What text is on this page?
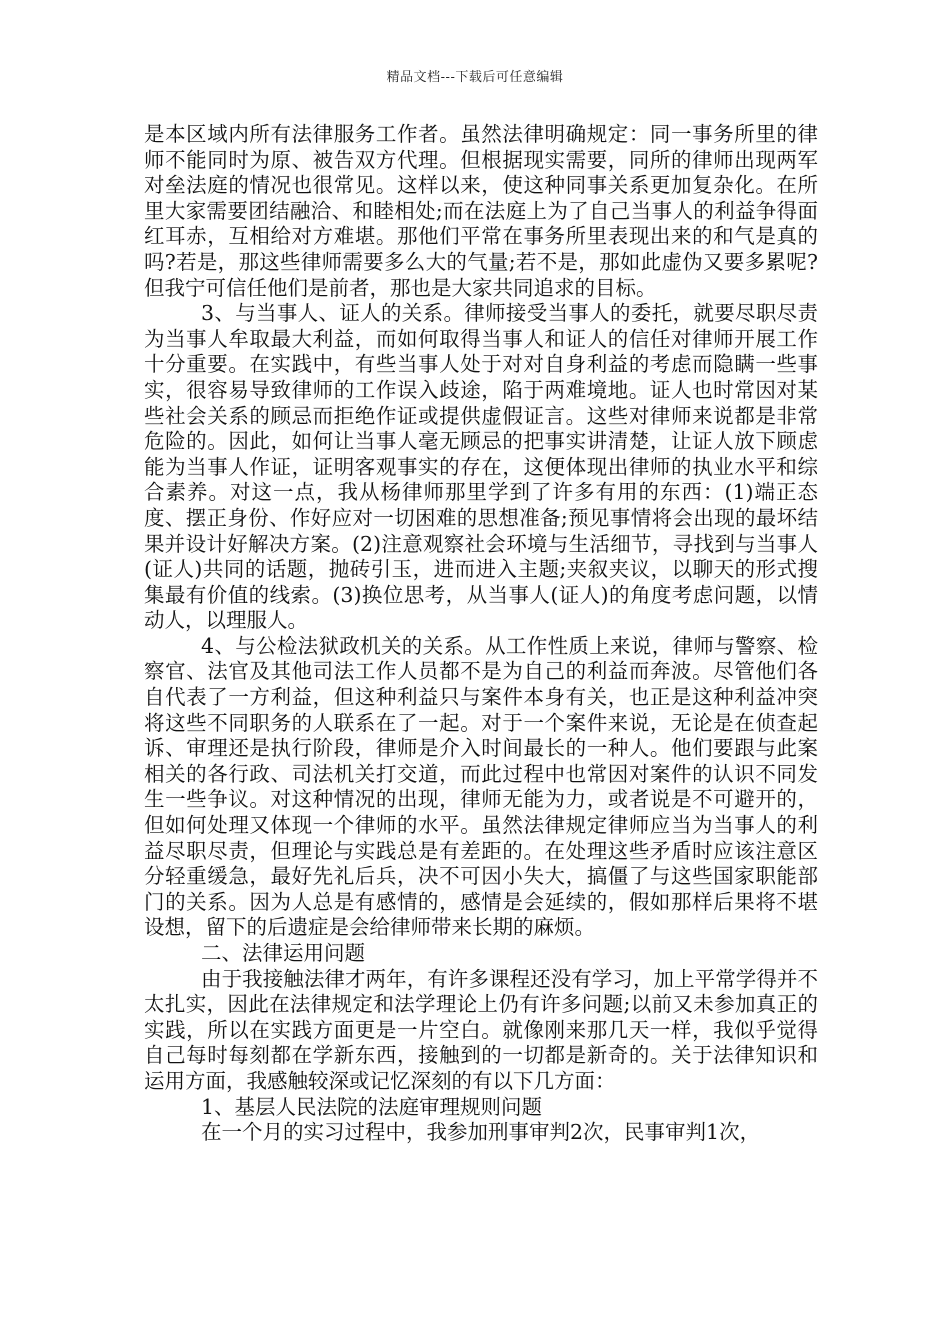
精品文档---下载后可任意编辑

是本区域内所有法律服务工作者。虽然法律明确规定：同一事务所里的律师不能同时为原、被告双方代理。但根据现实需要，同所的律师出现两军对垒法庭的情况也很常见。这样以来，使这种同事关系更加复杂化。在所里大家需要团结融洽、和睦相处;而在法庭上为了自己当事人的利益争得面红耳赤，互相给对方难堪。那他们平常在事务所里表现出来的和气是真的吗?若是，那这些律师需要多么大的气量;若不是，那如此虚伪又要多累呢?但我宁可信任他们是前者，那也是大家共同追求的目标。

3、与当事人、证人的关系。律师接受当事人的委托，就要尽职尽责为当事人牟取最大利益，而如何取得当事人和证人的信任对律师开展工作十分重要。在实践中，有些当事人处于对对自身利益的考虑而隐瞒一些事实，很容易导致律师的工作误入歧途，陷于两难境地。证人也时常因对某些社会关系的顾忌而拒绝作证或提供虚假证言。这些对律师来说都是非常危险的。因此，如何让当事人毫无顾忌的把事实讲清楚，让证人放下顾虑能为当事人作证，证明客观事实的存在，这便体现出律师的执业水平和综合素养。对这一点，我从杨律师那里学到了许多有用的东西：(1)端正态度、摆正身份、作好应对一切困难的思想准备;预见事情将会出现的最坏结果并设计好解决方案。(2)注意观察社会环境与生活细节，寻找到与当事人(证人)共同的话题，抛砖引玉，进而进入主题;夹叙夹议，以聊天的形式搜集最有价值的线索。(3)换位思考，从当事人(证人)的角度考虑问题，以情动人，以理服人。

4、与公检法狱政机关的关系。从工作性质上来说，律师与警察、检察官、法官及其他司法工作人员都不是为自己的利益而奔波。尽管他们各自代表了一方利益，但这种利益只与案件本身有关，也正是这种利益冲突将这些不同职务的人联系在了一起。对于一个案件来说，无论是在侦查起诉、审理还是执行阶段，律师是介入时间最长的一种人。他们要跟与此案相关的各行政、司法机关打交道，而此过程中也常因对案件的认识不同发生一些争议。对这种情况的出现，律师无能为力，或者说是不可避开的，但如何处理又体现一个律师的水平。虽然法律规定律师应当为当事人的利益尽职尽责，但理论与实践总是有差距的。在处理这些矛盾时应该注意区分轻重缓急，最好先礼后兵，决不可因小失大，搞僵了与这些国家职能部门的关系。因为人总是有感情的，感情是会延续的，假如那样后果将不堪设想，留下的后遗症是会给律师带来长期的麻烦。

二、法律运用问题

由于我接触法律才两年，有许多课程还没有学习，加上平常学得并不太扎实，因此在法律规定和法学理论上仍有许多问题;以前又未参加真正的实践，所以在实践方面更是一片空白。就像刚来那几天一样，我似乎觉得自己每时每刻都在学新东西，接触到的一切都是新奇的。关于法律知识和运用方面，我感触较深或记忆深刻的有以下几方面：

1、基层人民法院的法庭审理规则问题

在一个月的实习过程中，我参加刑事审判2次，民事审判1次，
